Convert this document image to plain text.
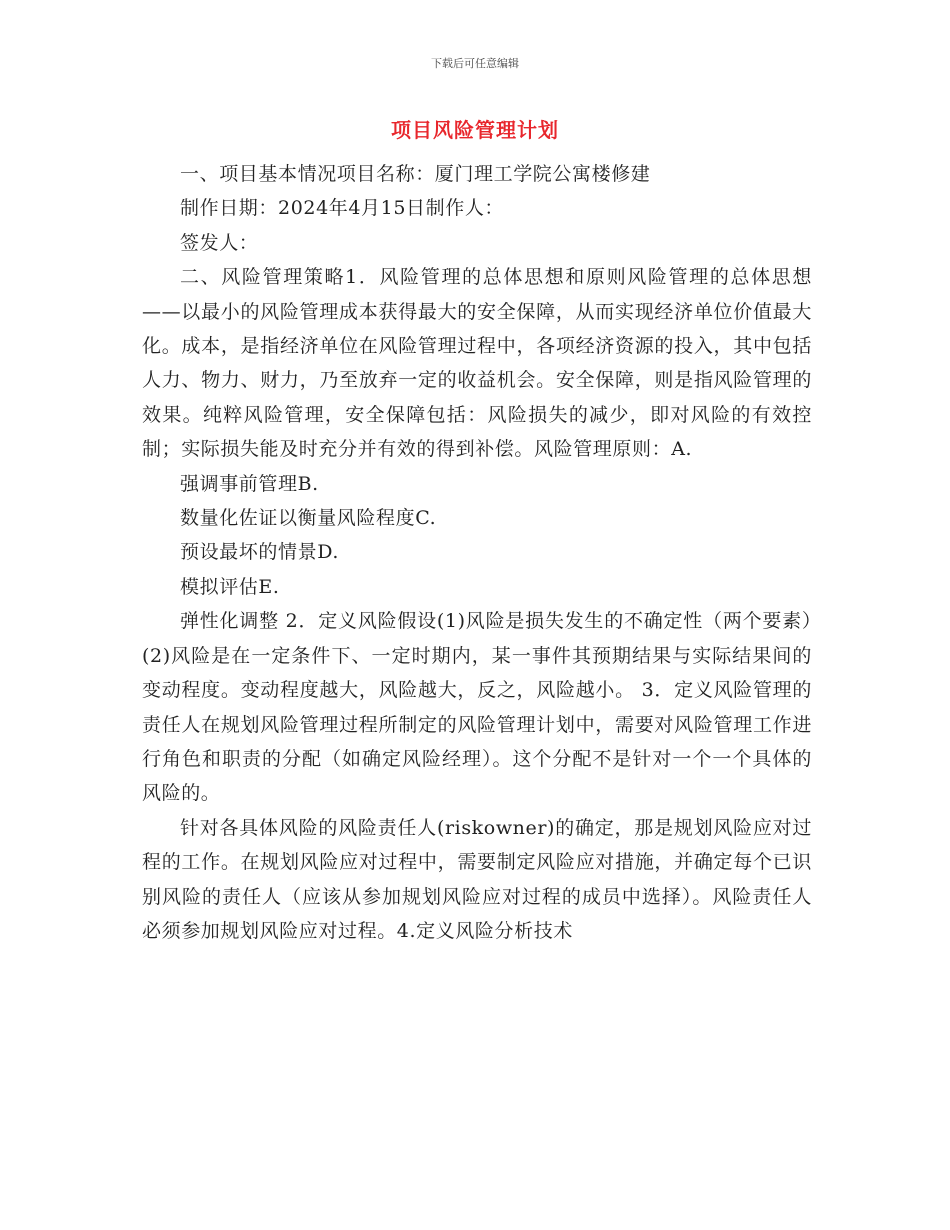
下载后可任意编辑
项目风险管理计划

一、项目基本情况项目名称：厦门理工学院公寓楼修建

制作日期：2024年4月15日制作人：

签发人：

二、风险管理策略1．风险管理的总体思想和原则风险管理的总体思想——以最小的风险管理成本获得最大的安全保障，从而实现经济单位价值最大化。成本，是指经济单位在风险管理过程中，各项经济资源的投入，其中包括人力、物力、财力，乃至放弃一定的收益机会。安全保障，则是指风险管理的效果。纯粹风险管理，安全保障包括：风险损失的减少，即对风险的有效控制；实际损失能及时充分并有效的得到补偿。风险管理原则：A.

强调事前管理B.

数量化佐证以衡量风险程度C.

预设最坏的情景D.

模拟评估E.

弹性化调整 2．定义风险假设(1)风险是损失发生的不确定性（两个要素）(2)风险是在一定条件下、一定时期内，某一事件其预期结果与实际结果间的变动程度。变动程度越大，风险越大，反之，风险越小。 3．定义风险管理的责任人在规划风险管理过程所制定的风险管理计划中，需要对风险管理工作进行角色和职责的分配（如确定风险经理）。这个分配不是针对一个一个具体的风险的。

针对各具体风险的风险责任人(riskowner)的确定，那是规划风险应对过程的工作。在规划风险应对过程中，需要制定风险应对措施，并确定每个已识别风险的责任人（应该从参加规划风险应对过程的成员中选择）。风险责任人必须参加规划风险应对过程。4.定义风险分析技术
